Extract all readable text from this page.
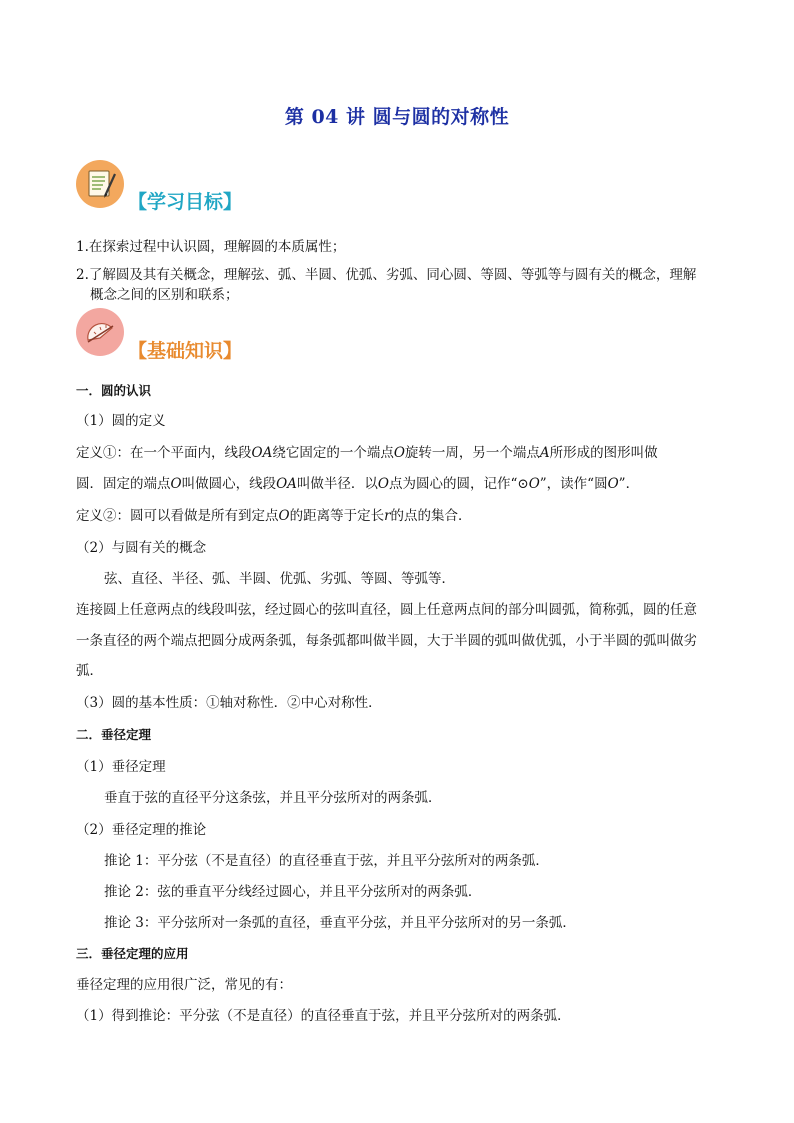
第 04 讲 圆与圆的对称性
【学习目标】
1.在探索过程中认识圆，理解圆的本质属性；
2.了解圆及其有关概念，理解弦、弧、半圆、优弧、劣弧、同心圆、等圆、等弧等与圆有关的概念，理解
概念之间的区别和联系；
【基础知识】
一．圆的认识
（1）圆的定义
定义①：在一个平面内，线段OA绕它固定的一个端点O旋转一周，另一个端点A所形成的图形叫做
圆．固定的端点O叫做圆心，线段OA叫做半径．以O点为圆心的圆，记作“⊙O”，读作“圆O”．
定义②：圆可以看做是所有到定点O的距离等于定长r的点的集合．
（2）与圆有关的概念
弦、直径、半径、弧、半圆、优弧、劣弧、等圆、等弧等．
连接圆上任意两点的线段叫弦，经过圆心的弦叫直径，圆上任意两点间的部分叫圆弧，简称弧，圆的任意
一条直径的两个端点把圆分成两条弧，每条弧都叫做半圆，大于半圆的弧叫做优弧，小于半圆的弧叫做劣
弧．
（3）圆的基本性质：①轴对称性．②中心对称性．
二．垂径定理
（1）垂径定理
垂直于弦的直径平分这条弦，并且平分弦所对的两条弧．
（2）垂径定理的推论
推论 1：平分弦（不是直径）的直径垂直于弦，并且平分弦所对的两条弧．
推论 2：弦的垂直平分线经过圆心，并且平分弦所对的两条弧．
推论 3：平分弦所对一条弧的直径，垂直平分弦，并且平分弦所对的另一条弧．
三．垂径定理的应用
垂径定理的应用很广泛，常见的有：
（1）得到推论：平分弦（不是直径）的直径垂直于弦，并且平分弦所对的两条弧．
